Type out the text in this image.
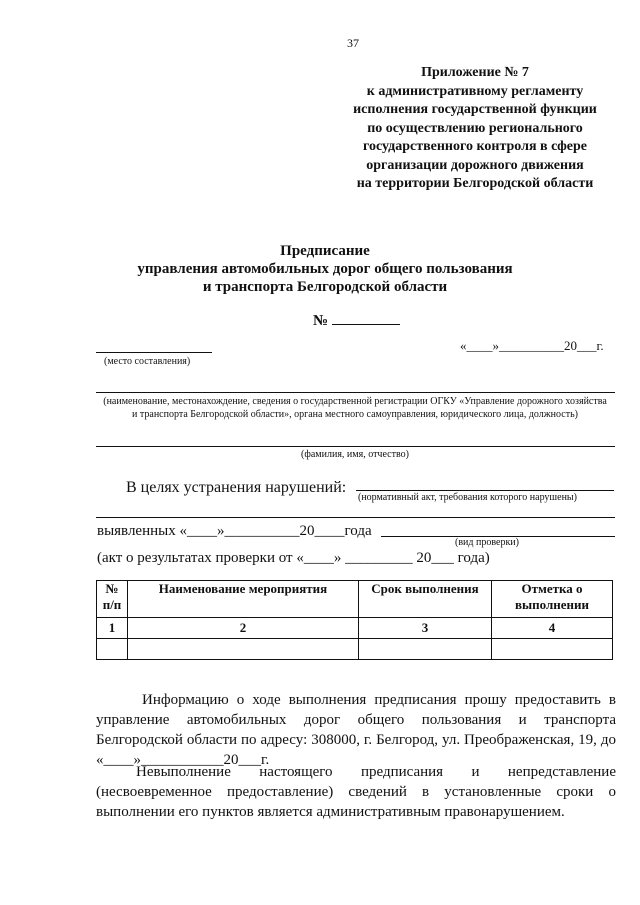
37
Приложение № 7
к административному регламенту
исполнения государственной функции
по осуществлению регионального
государственного контроля в сфере
организации дорожного движения
на территории Белгородской области
Предписание
управления автомобильных дорог общего пользования
и транспорта Белгородской области
№
(место составления)
«____»__________20___г.
(наименование, местонахождение, сведения о государственной регистрации ОГКУ «Управление дорожного хозяйства и транспорта Белгородской области», органа местного самоуправления, юридического лица, должность)
(фамилия, имя, отчество)
В целях устранения нарушений:
(нормативный акт, требования которого нарушены)
выявленных «____»__________20____года
(вид проверки)
(акт о результатах проверки от «____» _________ 20___ года)
№ п/п	Наименование мероприятия	Срок выполнения	Отметка о выполнении
1	2	3	4

Информацию о ходе выполнения предписания прошу предоставить в управление автомобильных дорог общего пользования и транспорта Белгородской области по адресу: 308000, г. Белгород, ул. Преображенская, 19, до «____»___________20___г.
Невыполнение настоящего предписания и непредставление (несвоевременное предоставление) сведений в установленные сроки о выполнении его пунктов является административным правонарушением.
